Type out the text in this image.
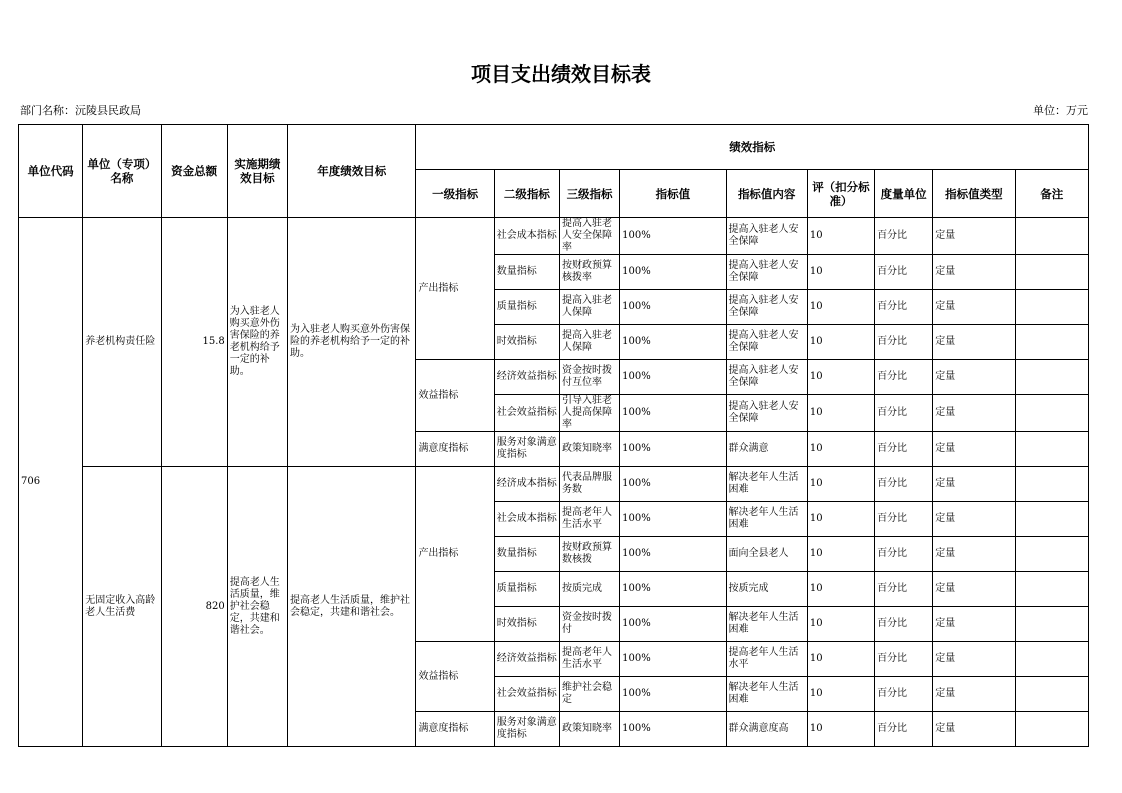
项目支出绩效目标表
部门名称：沅陵县民政局	单位：万元
单位代码	单位（专项）名称	资金总额	实施期绩效目标	年度绩效目标	绩效指标								
					一级指标	二级指标	三级指标	指标值	指标值内容	评（扣分标准）	度量单位	指标值类型	备注
706	养老机构责任险	15.8	为入驻老人购买意外伤害保险的养老机构给予一定的补助。	为入驻老人购买意外伤害保险的养老机构给予一定的补助。	产出指标	社会成本指标	提高入驻老人安全保障率	100%	提高入驻老人安全保障	10	百分比	定量	
						数量指标	按财政预算核拨率	100%	提高入驻老人安全保障	10	百分比	定量	
						质量指标	提高入驻老人保障	100%	提高入驻老人安全保障	10	百分比	定量	
						时效指标	提高入驻老人保障	100%	提高入驻老人安全保障	10	百分比	定量	
					效益指标	经济效益指标	资金按时拨付互位率	100%	提高入驻老人安全保障	10	百分比	定量	
						社会效益指标	引导入驻老人提高保障率	100%	提高入驻老人安全保障	10	百分比	定量	
					满意度指标	服务对象满意度指标	政策知晓率	100%	群众满意	10	百分比	定量	
	无固定收入高龄老人生活费	820	提高老人生活质量，维护社会稳定，共建和谐社会。	提高老人生活质量，维护社会稳定，共建和谐社会。	产出指标	经济成本指标	代表品牌服务数	100%	解决老年人生活困难	10	百分比	定量	
						社会成本指标	提高老年人生活水平	100%	解决老年人生活困难	10	百分比	定量	
						数量指标	按财政预算数核拨	100%	面向全县老人	10	百分比	定量	
						质量指标	按质完成	100%	按质完成	10	百分比	定量	
						时效指标	资金按时拨付	100%	解决老年人生活困难	10	百分比	定量	
					效益指标	经济效益指标	提高老年人生活水平	100%	提高老年人生活水平	10	百分比	定量	
						社会效益指标	维护社会稳定	100%	解决老年人生活困难	10	百分比	定量	
					满意度指标	服务对象满意度指标	政策知晓率	100%	群众满意度高	10	百分比	定量	
